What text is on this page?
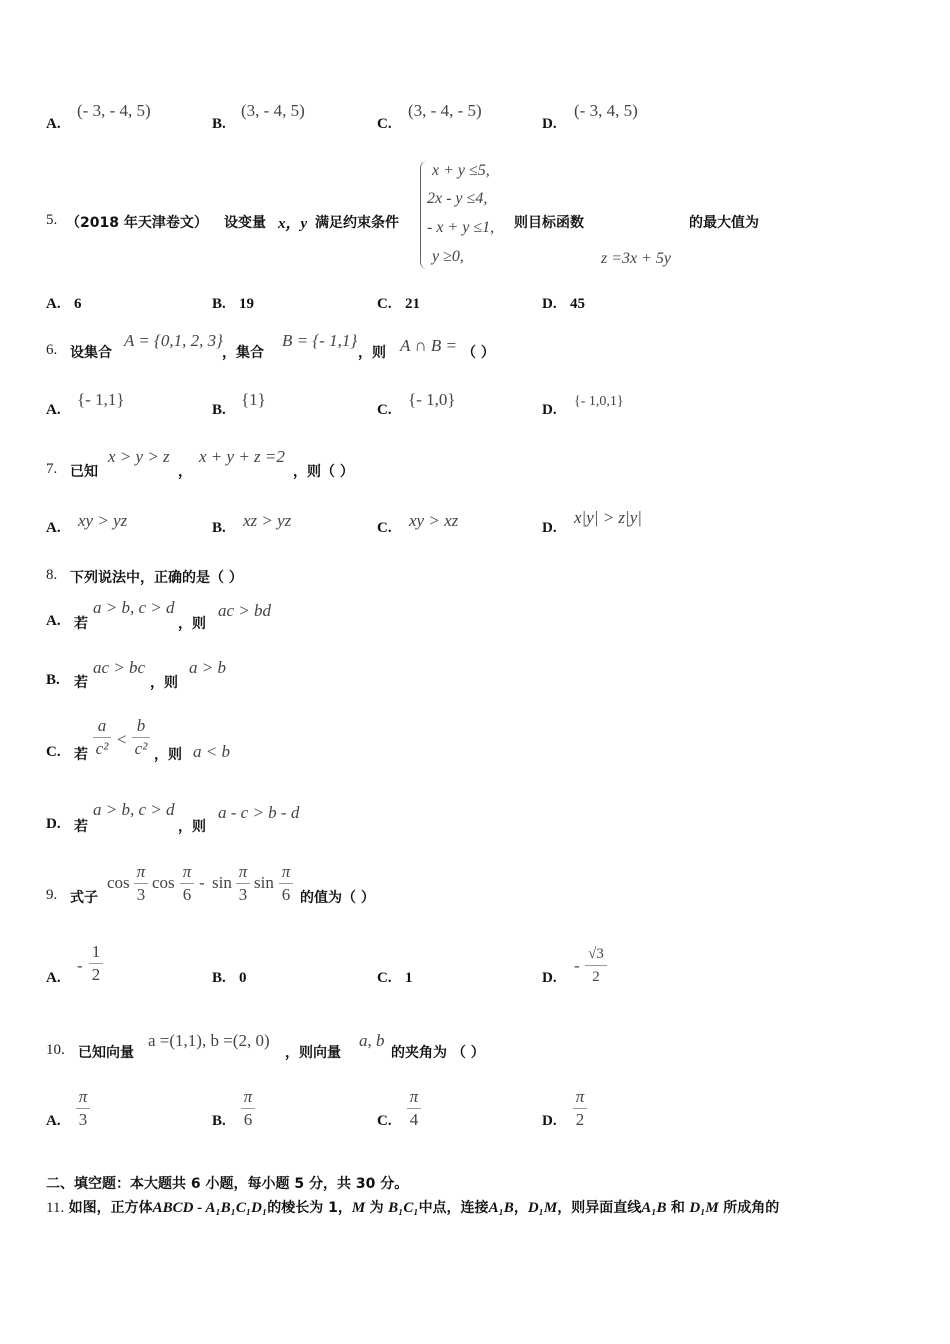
A.
(- 3, - 4, 5)
B.
(3, - 4, 5)
C.
(3, - 4, - 5)
D.
(- 3, 4, 5)
5. （2018 年天津卷文） 设变量 x，y 满足约束条件
x + y ≤5,
2x - y ≤4,
- x + y ≤1,
y ≥0,
则目标函数
z =3x + 5y
的最大值为
A. 6	B. 19	C. 21	D. 45
6. 设集合
A = {0,1, 2, 3}
，集合
B = {- 1,1}
，则 A ∩ B = （ ）
A.
{- 1,1}
B.
{1}
C.
{- 1,0}
D.
{- 1,0,1}
7. 已知
x > y > z
，
x + y + z =2
，则（ ）
A. xy > yz	B. xz > yz	C. xy > xz	D.
x|y| > z|y|
8. 下列说法中，正确的是（ ）
A. 若
a > b, c > d
，则
ac > bd
B. 若
ac > bc
，则
a > b
C. 若
a
c² <
b
c² ，则 a < b
D. 若
a > b, c > d
，则
a - c > b - d
9. 式子
cos
π
3
cos
π
6
- sin
π
3
sin
π
6 的值为（ ）
A.
-
1
2	B. 0	C. 1	D.
-
√3
2
10. 已知向量
a =(1,1), b =(2, 0)
，则向量
a, b
的夹角为 （ ）
A.
π
3	B.
π
6	C.
π
4	D.
π
2
二、填空题：本大题共 6 小题，每小题 5 分，共 30 分。
11. 如图，正方体ABCD - A₁B₁C₁D₁的棱长为 1，M 为 B₁C₁中点，连接A₁B，D₁M，则异面直线A₁B 和 D₁M 所成角的
